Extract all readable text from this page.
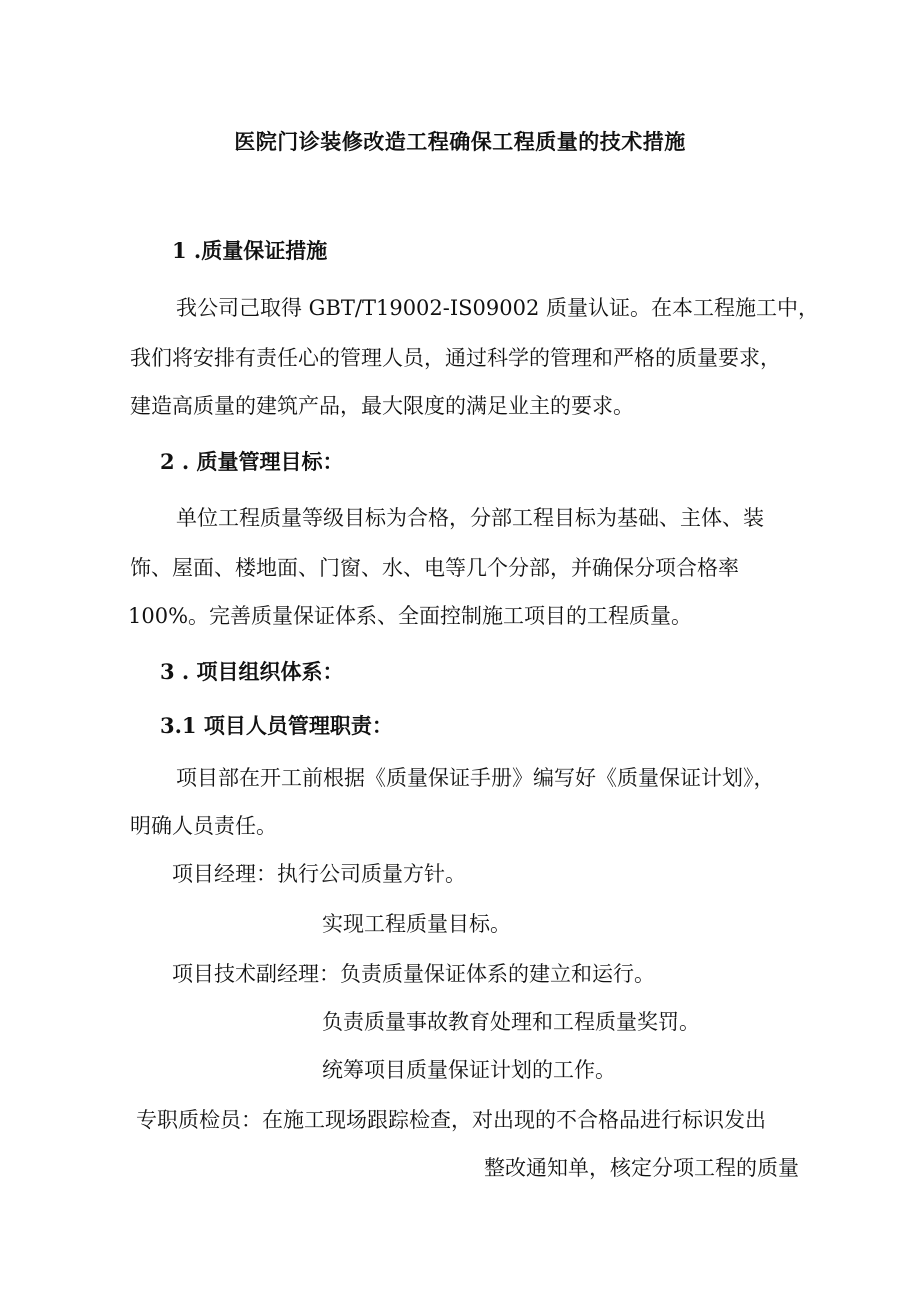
医院门诊装修改造工程确保工程质量的技术措施
1 .质量保证措施
我公司己取得 GBT/T19002-IS09002 质量认证。在本工程施工中，
我们将安排有责任心的管理人员，通过科学的管理和严格的质量要求，
建造高质量的建筑产品，最大限度的满足业主的要求。
2 . 质量管理目标：
单位工程质量等级目标为合格，分部工程目标为基础、主体、装
饰、屋面、楼地面、门窗、水、电等几个分部，并确保分项合格率
100%。完善质量保证体系、全面控制施工项目的工程质量。
3 . 项目组织体系：
3.1 项目人员管理职责：
项目部在开工前根据《质量保证手册》编写好《质量保证计划》，
明确人员责任。
项目经理：执行公司质量方针。
实现工程质量目标。
项目技术副经理：负责质量保证体系的建立和运行。
负责质量事故教育处理和工程质量奖罚。
统筹项目质量保证计划的工作。
专职质检员：在施工现场跟踪检查，对出现的不合格品进行标识发出
整改通知单，核定分项工程的质量
